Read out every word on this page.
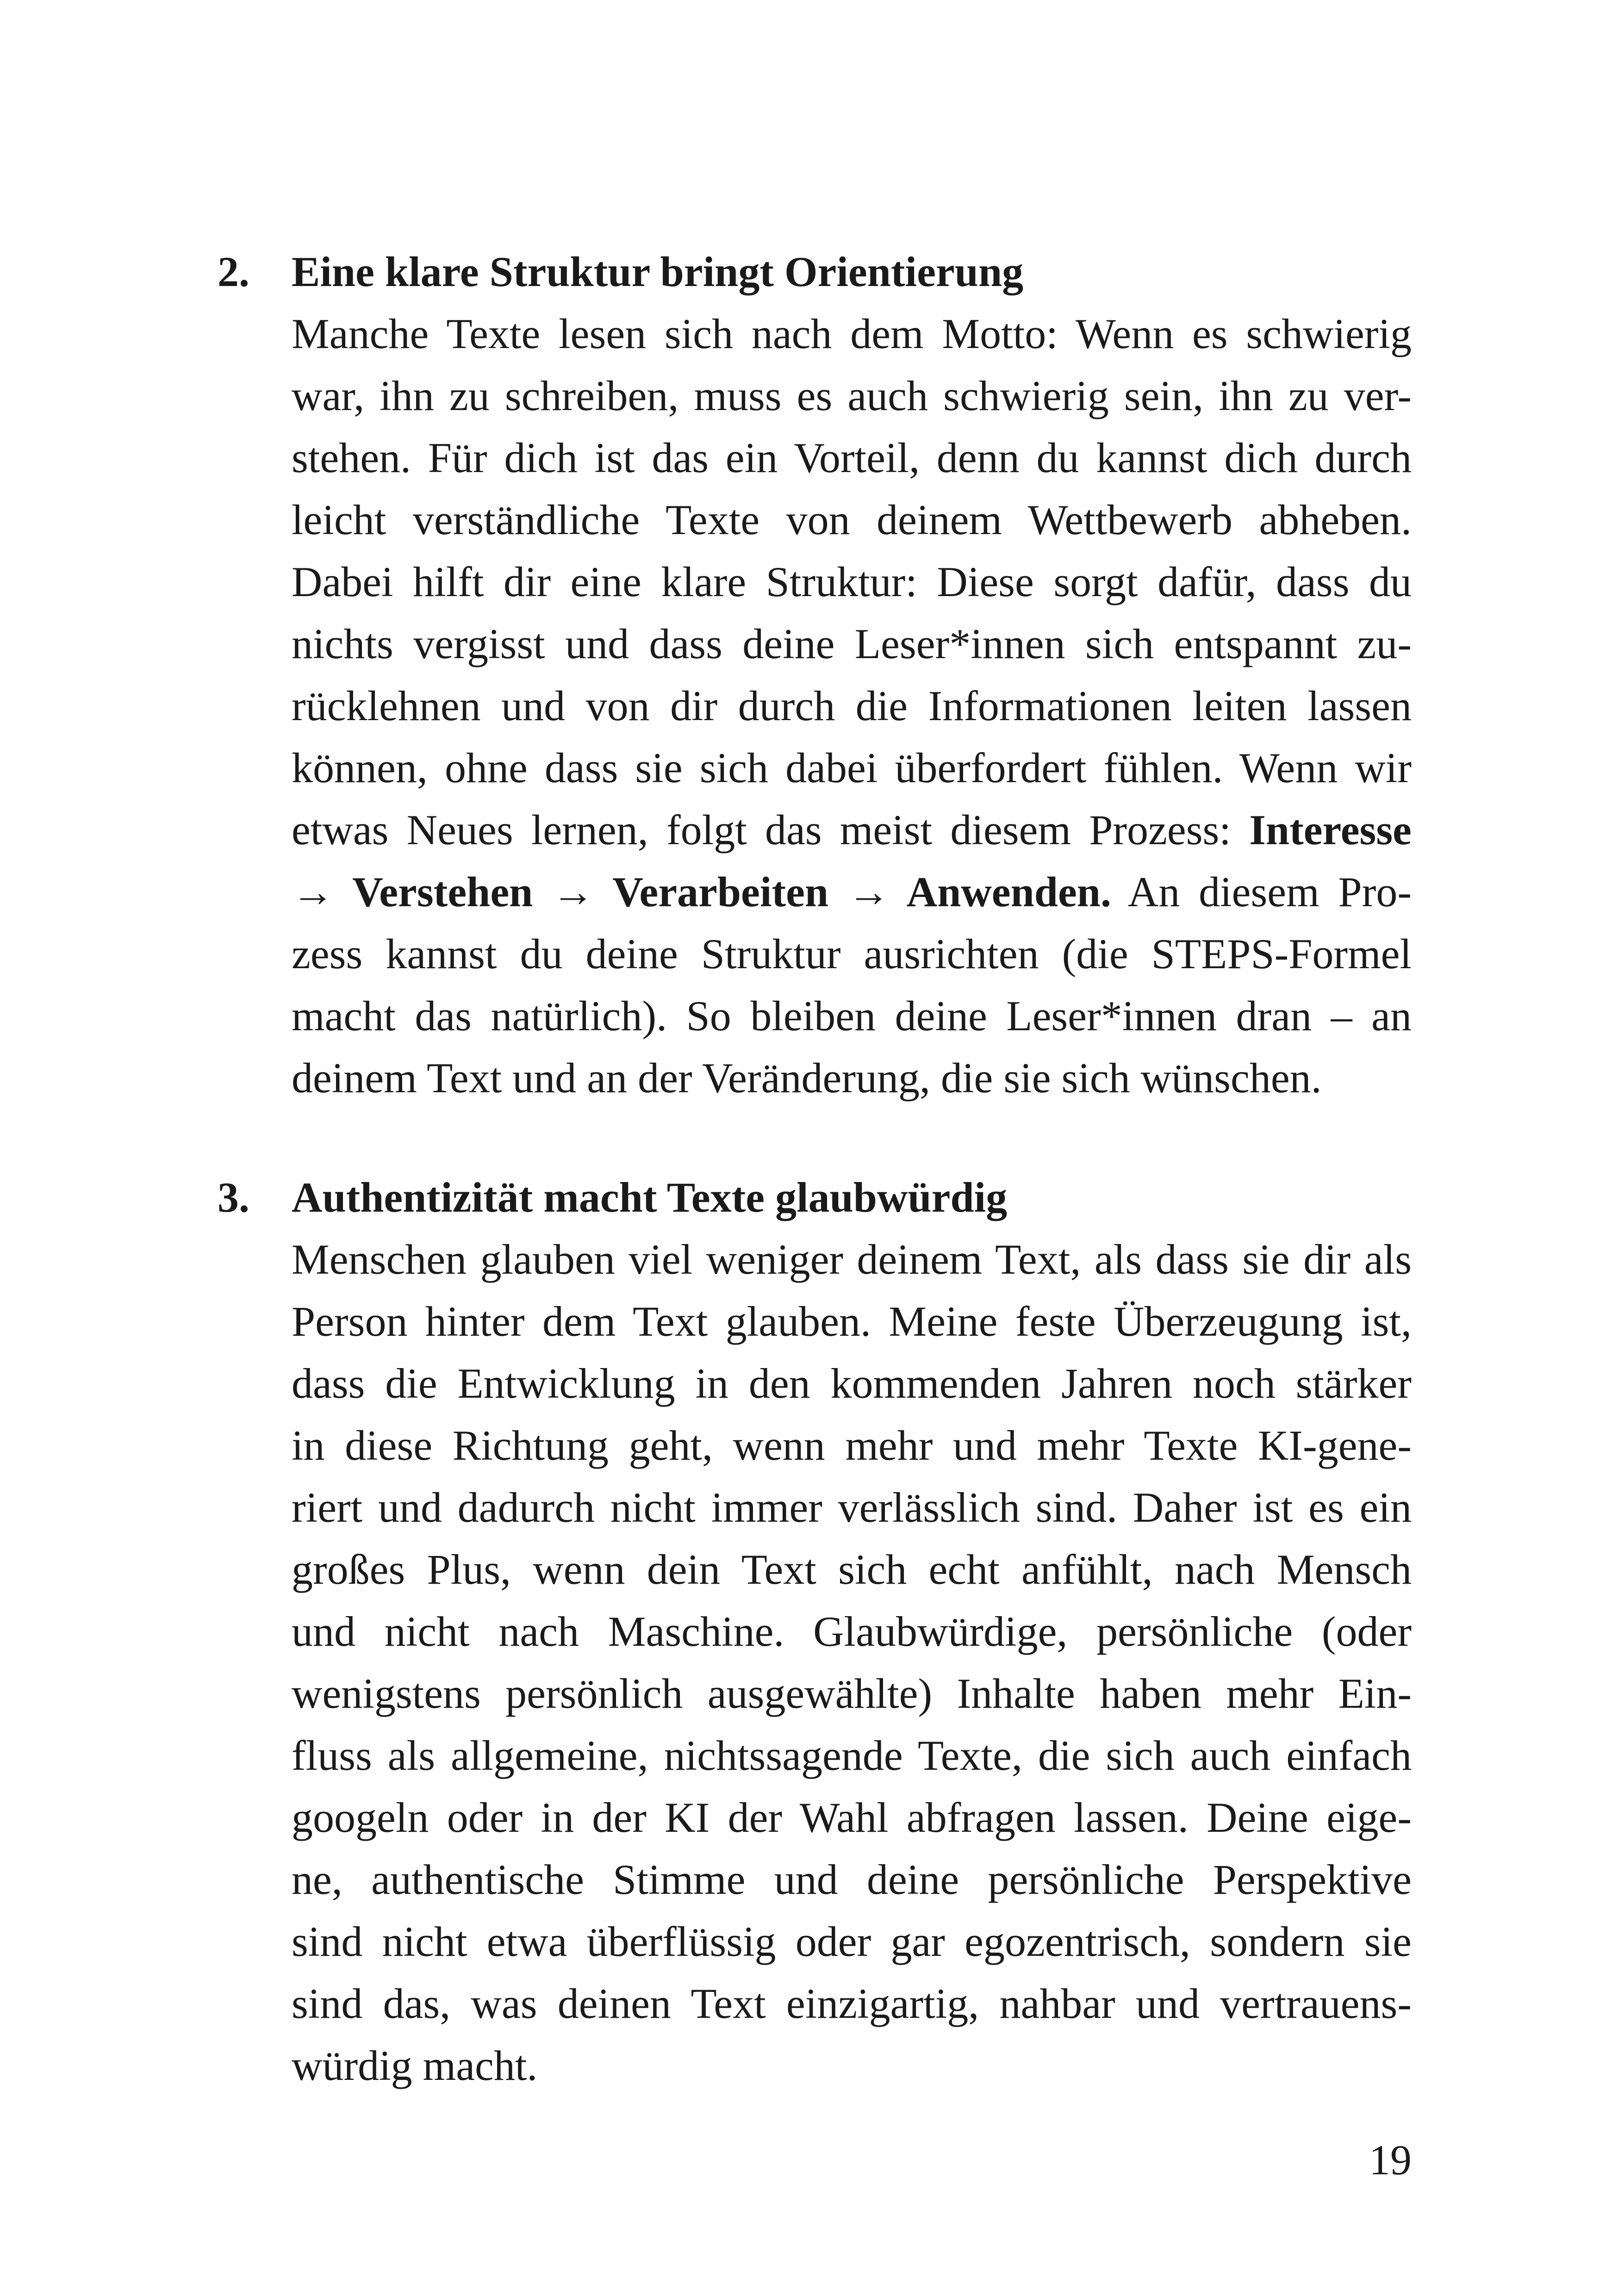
2. Eine klare Struktur bringt Orientierung

Manche Texte lesen sich nach dem Motto: Wenn es schwierig
war, ihn zu schreiben, muss es auch schwierig sein, ihn zu ver-
stehen. Für dich ist das ein Vorteil, denn du kannst dich durch
leicht verständliche Texte von deinem Wettbewerb abheben.
Dabei hilft dir eine klare Struktur: Diese sorgt dafür, dass du
nichts vergisst und dass deine Leser*innen sich entspannt zu-
rücklehnen und von dir durch die Informationen leiten lassen
können, ohne dass sie sich dabei überfordert fühlen. Wenn wir
etwas Neues lernen, folgt das meist diesem Prozess: Interesse
→ Verstehen → Verarbeiten → Anwenden. An diesem Pro-
zess kannst du deine Struktur ausrichten (die STEPS-Formel
macht das natürlich). So bleiben deine Leser*innen dran – an
deinem Text und an der Veränderung, die sie sich wünschen.

3. Authentizität macht Texte glaubwürdig

Menschen glauben viel weniger deinem Text, als dass sie dir als
Person hinter dem Text glauben. Meine feste Überzeugung ist,
dass die Entwicklung in den kommenden Jahren noch stärker
in diese Richtung geht, wenn mehr und mehr Texte KI-gene-
riert und dadurch nicht immer verlässlich sind. Daher ist es ein
großes Plus, wenn dein Text sich echt anfühlt, nach Mensch
und nicht nach Maschine. Glaubwürdige, persönliche (oder
wenigstens persönlich ausgewählte) Inhalte haben mehr Ein-
fluss als allgemeine, nichtssagende Texte, die sich auch einfach
googeln oder in der KI der Wahl abfragen lassen. Deine eige-
ne, authentische Stimme und deine persönliche Perspektive
sind nicht etwa überflüssig oder gar egozentrisch, sondern sie
sind das, was deinen Text einzigartig, nahbar und vertrauens-
würdig macht.

19
